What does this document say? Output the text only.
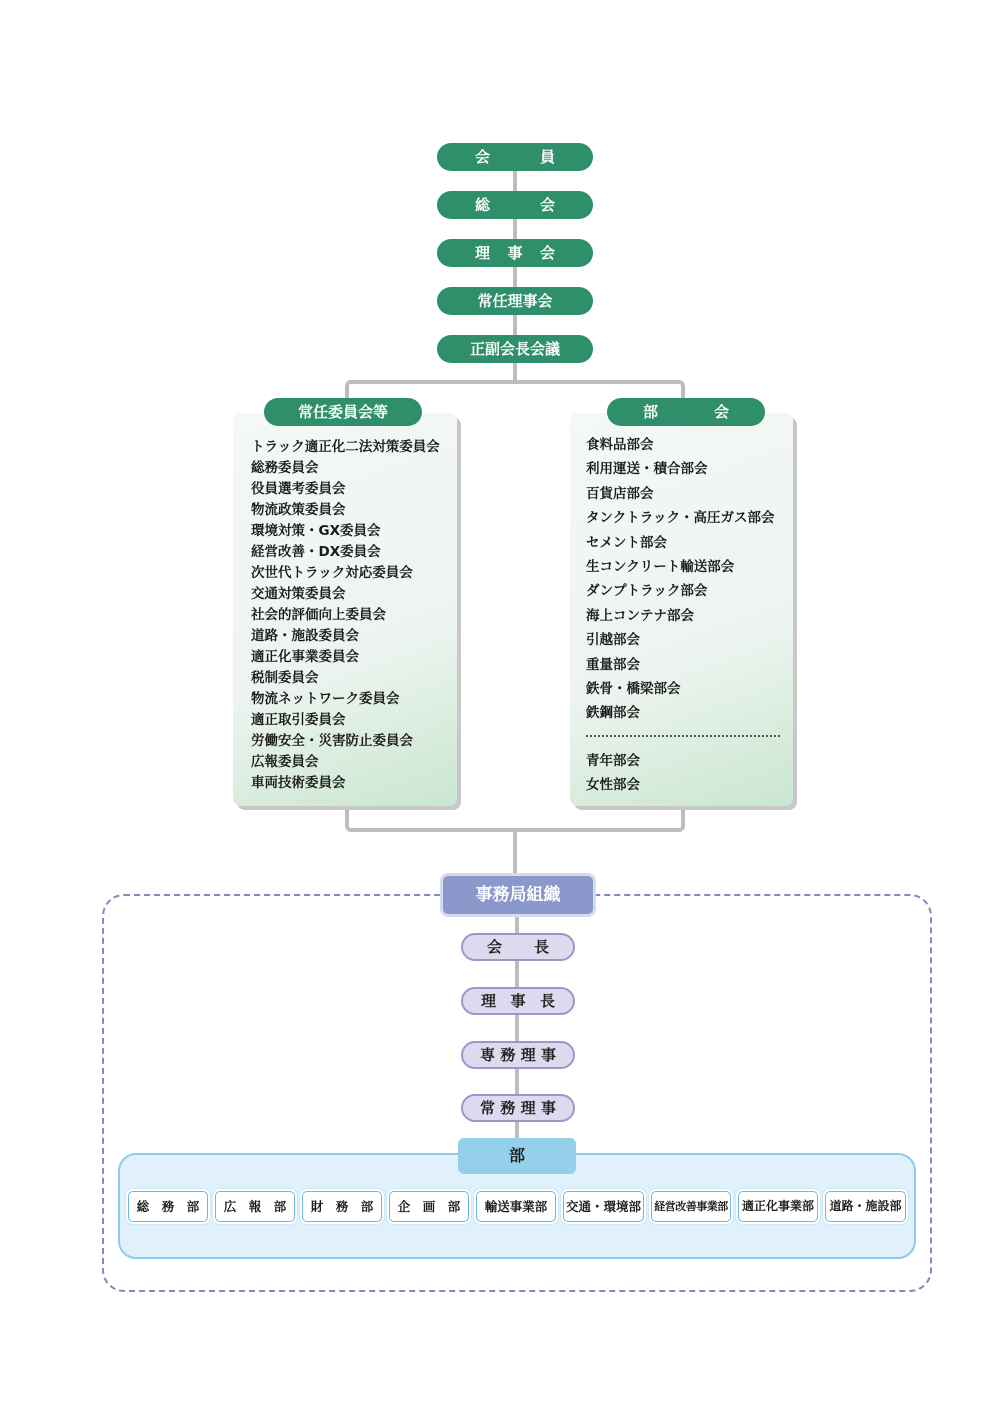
会	員
総	会
理 事 会
常任理事会
正副会長会議
常任委員会等
トラック適正化二法対策委員会
総務委員会
役員選考委員会
物流政策委員会
環境対策・GX委員会
経営改善・DX委員会
次世代トラック対応委員会
交通対策委員会
社会的評価向上委員会
道路・施設委員会
適正化事業委員会
税制委員会
物流ネットワーク委員会
適正取引委員会
労働安全・災害防止委員会
広報委員会
車両技術委員会
部	会
食料品部会
利用運送・積合部会
百貨店部会
タンクトラック・高圧ガス部会
セメント部会
生コンクリート輸送部会
ダンプトラック部会
海上コンテナ部会
引越部会
重量部会
鉄骨・橋梁部会
鉄鋼部会
青年部会
女性部会
事務局組織
会 長
理 事 長
専 務 理 事
常 務 理 事
部
総　務　部	広　報　部	財　務　部	企　画　部	輸送事業部	交通・環境部 経営改善事業部	適正化事業部	道路・施設部
